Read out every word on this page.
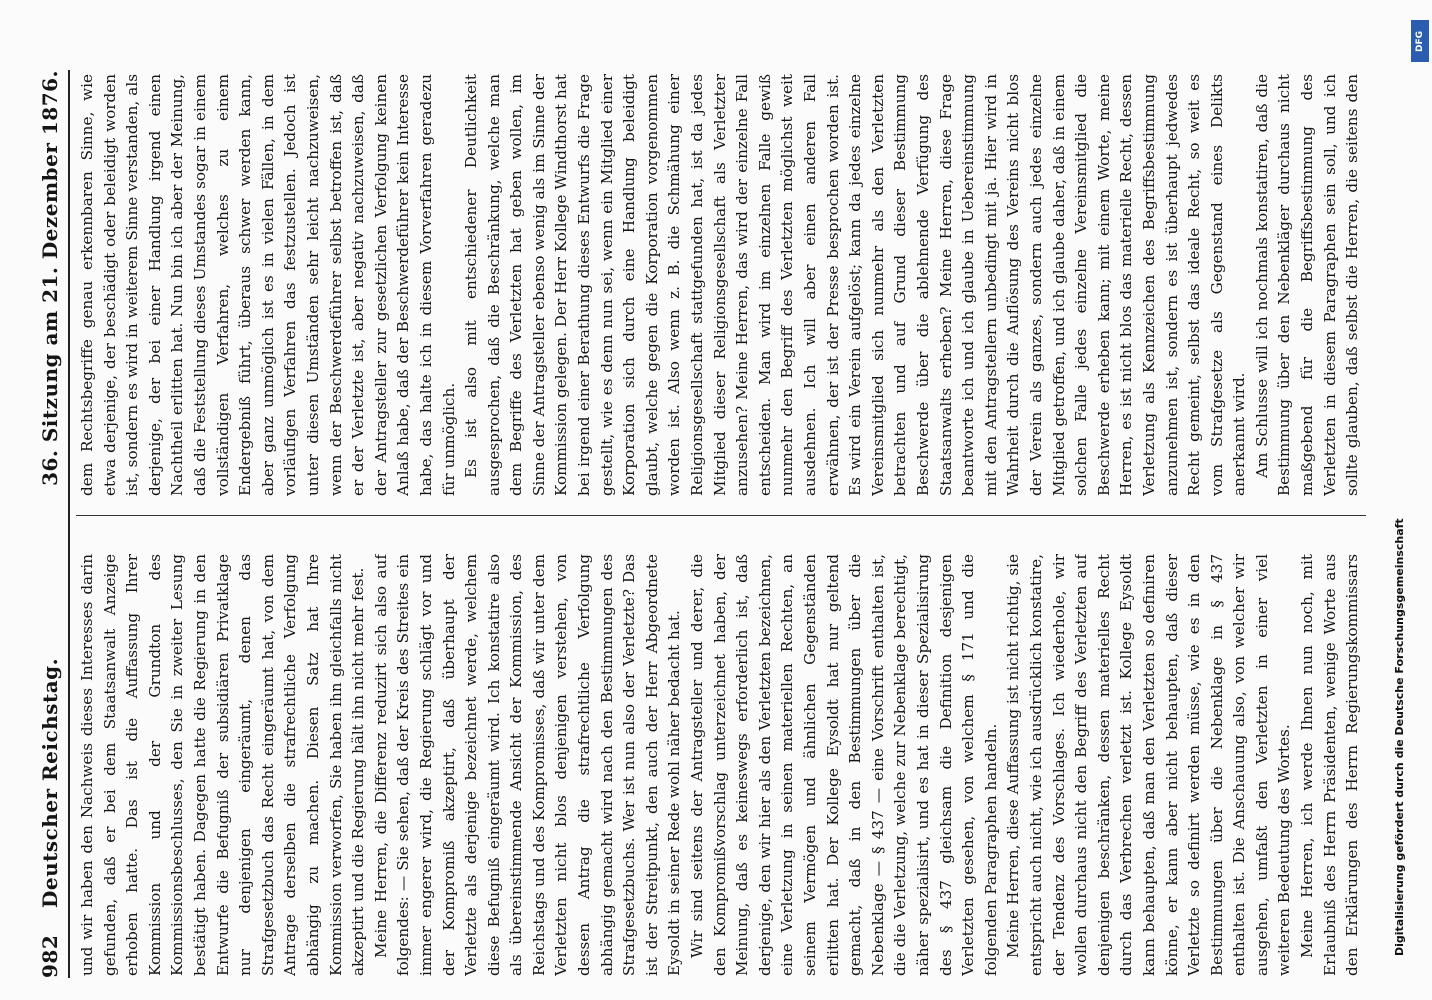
982
Deutscher Reichstag.
36. Sitzung am 21. Dezember 1876.

und wir haben den Nachweis dieses Interesses darin gefunden, daß er bei dem Staatsanwalt Anzeige erhoben hatte. Das ist die Auffassung Ihrer Kommission und der Grundton des Kommissionsbeschlusses, den Sie in zweiter Lesung bestätigt haben. Dagegen hatte die Regierung in den Entwurfe die Befugniß der subsidiären Privatklage nur denjenigen eingeräumt, denen das Strafgesetzbuch das Recht eingeräumt hat, von dem Antrage derselben die strafrechtliche Verfolgung abhängig zu machen. Diesen Satz hat Ihre Kommission verworfen, Sie haben ihn gleichfalls nicht akzeptirt und die Regierung hält ihn nicht mehr fest. Meine Herren, die Differenz reduzirt sich also auf folgendes: — Sie sehen, daß der Kreis des Streites ein immer engerer wird, die Regierung schlägt vor und der Kompromiß akzeptirt, daß überhaupt der Verletzte als derjenige bezeichnet werde, welchem diese Befugniß eingeräumt wird. Ich konstatire also als übereinstimmende Ansicht der Kommission, des Reichstags und des Kompromisses, daß wir unter dem Verletzten nicht blos denjenigen verstehen, von dessen Antrag die strafrechtliche Verfolgung abhängig gemacht wird nach den Bestimmungen des Strafgesetzbuchs. Wer ist nun also der Verletzte? Das ist der Streitpunkt, den auch der Herr Abgeordnete Eysoldt in seiner Rede wohl näher bedacht hat. Wir sind seitens der Antragsteller und derer, die den Kompromißvorschlag unterzeichnet haben, der Meinung, daß es keineswegs erforderlich ist, daß derjenige, den wir hier als den Verletzten bezeichnen, eine Verletzung in seinen materiellen Rechten, an seinem Vermögen und ähnlichen Gegenständen erlitten hat. Der Kollege Eysoldt hat nur geltend gemacht, daß in den Bestimmungen über die Nebenklage — § 437 — eine Vorschrift enthalten ist, die die Verletzung, welche zur Nebenklage berechtigt, näher spezialisirt, und es hat in dieser Spezialisirung des § 437 gleichsam die Definition desjenigen Verletzten gesehen, von welchem § 171 und die folgenden Paragraphen handeln. Meine Herren, diese Auffassung ist nicht richtig, sie entspricht auch nicht, wie ich ausdrücklich konstatire, der Tendenz des Vorschlages. Ich wiederhole, wir wollen durchaus nicht den Begriff des Verletzten auf denjenigen beschränken, dessen materielles Recht durch das Verbrechen verletzt ist. Kollege Eysoldt kann behaupten, daß man den Verletzten so definiren könne, er kann aber nicht behaupten, daß dieser Verletzte so definirt werden müsse, wie es in den Bestimmungen über die Nebenklage in § 437 enthalten ist. Die Anschauung also, von welcher wir ausgehen, umfaßt den Verletzten in einer viel weiteren Bedeutung des Wortes. Meine Herren, ich werde Ihnen nun noch, mit Erlaubniß des Herrn Präsidenten, wenige Worte aus den Erklärungen des Herrn Regierungskommissars

dem Rechtsbegriffe genau erkennbaren Sinne, wie etwa derjenige, der beschädigt oder beleidigt worden ist, sondern es wird in weiterem Sinne verstanden, als derjenige, der bei einer Handlung irgend einen Nachtheil erlitten hat. Nun bin ich aber der Meinung, daß die Feststellung dieses Umstandes sogar in einem vollständigen Verfahren, welches zu einem Endergebniß führt, überaus schwer werden kann, aber ganz unmöglich ist es in vielen Fällen, in dem vorläufigen Verfahren das festzustellen. Jedoch ist unter diesen Umständen sehr leicht nachzuweisen, wenn der Beschwerdeführer selbst betroffen ist, daß er der Verletzte ist, aber negativ nachzuweisen, daß der Antragsteller zur gesetzlichen Verfolgung keinen Anlaß habe, daß der Beschwerdeführer kein Interesse habe, das halte ich in diesem Vorverfahren geradezu für unmöglich. Es ist also mit entschiedener Deutlichkeit ausgesprochen, daß die Beschränkung, welche man dem Begriffe des Verletzten hat geben wollen, im Sinne der Antragsteller ebenso wenig als im Sinne der Kommission gelegen. Der Herr Kollege Windthorst hat bei irgend einer Berathung dieses Entwurfs die Frage gestellt, wie es denn nun sei, wenn ein Mitglied einer Korporation sich durch eine Handlung beleidigt glaubt, welche gegen die Korporation vorgenommen worden ist. Also wenn z. B. die Schmähung einer Religionsgesellschaft stattgefunden hat, ist da jedes Mitglied dieser Religionsgesellschaft als Verletzter anzusehen? Meine Herren, das wird der einzelne Fall entscheiden. Man wird im einzelnen Falle gewiß nunmehr den Begriff des Verletzten möglichst weit ausdehnen. Ich will aber einen anderen Fall erwähnen, der ist der Presse besprochen worden ist. Es wird ein Verein aufgelöst; kann da jedes einzelne Vereinsmitglied sich nunmehr als den Verletzten betrachten und auf Grund dieser Bestimmung Beschwerde über die ablehnende Verfügung des Staatsanwalts erheben? Meine Herren, diese Frage beantworte ich und ich glaube in Uebereinstimmung mit den Antragstellern unbedingt mit ja. Hier wird in Wahrheit durch die Auflösung des Vereins nicht blos der Verein als ganzes, sondern auch jedes einzelne Mitglied getroffen, und ich glaube daher, daß in einem solchen Falle jedes einzelne Vereinsmitglied die Beschwerde erheben kann; mit einem Worte, meine Herren, es ist nicht blos das materielle Recht, dessen Verletzung als Kennzeichen des Begriffsbestimmung anzunehmen ist, sondern es ist überhaupt jedwedes Recht gemeint, selbst das ideale Recht, so weit es vom Strafgesetze als Gegenstand eines Delikts anerkannt wird. Am Schlusse will ich nochmals konstatiren, daß die Bestimmung über den Nebenkläger durchaus nicht maßgebend für die Begriffsbestimmung des Verletzten in diesem Paragraphen sein soll, und ich sollte glauben, daß selbst die Herren, die seitens den

Digitalisierung gefördert durch die Deutsche Forschungsgemeinschaft
DFG
